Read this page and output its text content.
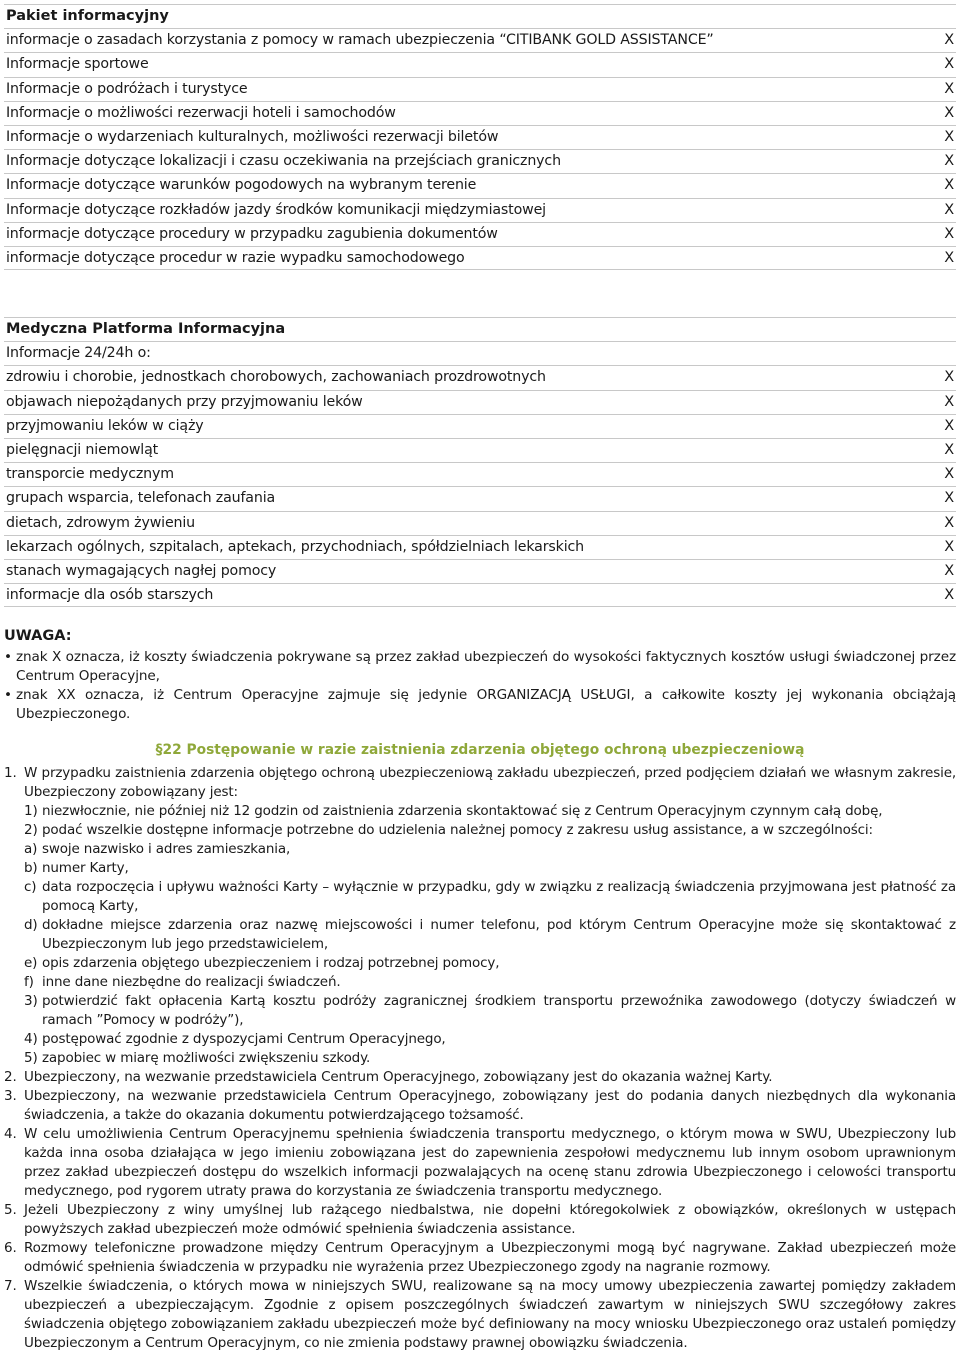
Pakiet informacyjny
informacje o zasadach korzystania z pomocy w ramach ubezpieczenia “CITIBANK GOLD ASSISTANCE”	X
Informacje sportowe	X
Informacje o podróżach i turystyce	X
Informacje o możliwości rezerwacji hoteli i samochodów	X
Informacje o wydarzeniach kulturalnych, możliwości rezerwacji biletów	X
Informacje dotyczące lokalizacji i czasu oczekiwania na przejściach granicznych	X
Informacje dotyczące warunków pogodowych na wybranym terenie	X
Informacje dotyczące rozkładów jazdy środków komunikacji międzymiastowej	X
informacje dotyczące procedury w przypadku zagubienia dokumentów	X
informacje dotyczące procedur w razie wypadku samochodowego	X
Medyczna Platforma Informacyjna
Informacje 24/24h o:
zdrowiu i chorobie, jednostkach chorobowych, zachowaniach prozdrowotnych	X
objawach niepożądanych przy przyjmowaniu leków	X
przyjmowaniu leków w ciąży	X
pielęgnacji niemowląt	X
transporcie medycznym	X
grupach wsparcia, telefonach zaufania	X
dietach, zdrowym żywieniu	X
lekarzach ogólnych, szpitalach, aptekach, przychodniach, spółdzielniach lekarskich	X
stanach wymagających nagłej pomocy	X
informacje dla osób starszych	X
UWAGA:
• znak X oznacza, iż koszty świadczenia pokrywane są przez zakład ubezpieczeń do wysokości faktycznych kosztów usługi świadczonej przez Centrum Operacyjne,
• znak XX oznacza, iż Centrum Operacyjne zajmuje się jedynie ORGANIZACJĄ USŁUGI, a całkowite koszty jej wykonania obciążają Ubezpieczonego.
§22 Postępowanie w razie zaistnienia zdarzenia objętego ochroną ubezpieczeniową
1. W przypadku zaistnienia zdarzenia objętego ochroną ubezpieczeniową zakładu ubezpieczeń, przed podjęciem działań we własnym zakresie, Ubezpieczony zobowiązany jest:
1) niezwłocznie, nie później niż 12 godzin od zaistnienia zdarzenia skontaktować się z Centrum Operacyjnym czynnym całą dobę,
2) podać wszelkie dostępne informacje potrzebne do udzielenia należnej pomocy z zakresu usług assistance, a w szczególności:
a) swoje nazwisko i adres zamieszkania,
b) numer Karty,
c) data rozpoczęcia i upływu ważności Karty – wyłącznie w przypadku, gdy w związku z realizacją świadczenia przyjmowana jest płatność za pomocą Karty,
d) dokładne miejsce zdarzenia oraz nazwę miejscowości i numer telefonu, pod którym Centrum Operacyjne może się skontaktować z Ubezpieczonym lub jego przedstawicielem,
e) opis zdarzenia objętego ubezpieczeniem i rodzaj potrzebnej pomocy,
f) inne dane niezbędne do realizacji świadczeń.
3) potwierdzić fakt opłacenia Kartą kosztu podróży zagranicznej środkiem transportu przewoźnika zawodowego (dotyczy świadczeń w ramach ”Pomocy w podróży”),
4) postępować zgodnie z dyspozycjami Centrum Operacyjnego,
5) zapobiec w miarę możliwości zwiększeniu szkody.
2. Ubezpieczony, na wezwanie przedstawiciela Centrum Operacyjnego, zobowiązany jest do okazania ważnej Karty.
3. Ubezpieczony, na wezwanie przedstawiciela Centrum Operacyjnego, zobowiązany jest do podania danych niezbędnych dla wykonania świadczenia, a także do okazania dokumentu potwierdzającego tożsamość.
4. W celu umożliwienia Centrum Operacyjnemu spełnienia świadczenia transportu medycznego, o którym mowa w SWU, Ubezpieczony lub każda inna osoba działająca w jego imieniu zobowiązana jest do zapewnienia zespołowi medycznemu lub innym osobom uprawnionym przez zakład ubezpieczeń dostępu do wszelkich informacji pozwalających na ocenę stanu zdrowia Ubezpieczonego i celowości transportu medycznego, pod rygorem utraty prawa do korzystania ze świadczenia transportu medycznego.
5. Jeżeli Ubezpieczony z winy umyślnej lub rażącego niedbalstwa, nie dopełni któregokolwiek z obowiązków, określonych w ustępach powyższych zakład ubezpieczeń może odmówić spełnienia świadczenia assistance.
6. Rozmowy telefoniczne prowadzone między Centrum Operacyjnym a Ubezpieczonymi mogą być nagrywane. Zakład ubezpieczeń może odmówić spełnienia świadczenia w przypadku nie wyrażenia przez Ubezpieczonego zgody na nagranie rozmowy.
7. Wszelkie świadczenia, o których mowa w niniejszych SWU, realizowane są na mocy umowy ubezpieczenia zawartej pomiędzy zakładem ubezpieczeń a ubezpieczającym. Zgodnie z opisem poszczególnych świadczeń zawartym w niniejszych SWU szczegółowy zakres świadczenia objętego zobowiązaniem zakładu ubezpieczeń może być definiowany na mocy wniosku Ubezpieczonego oraz ustaleń pomiędzy Ubezpieczonym a Centrum Operacyjnym, co nie zmienia podstawy prawnej obowiązku świadczenia.
